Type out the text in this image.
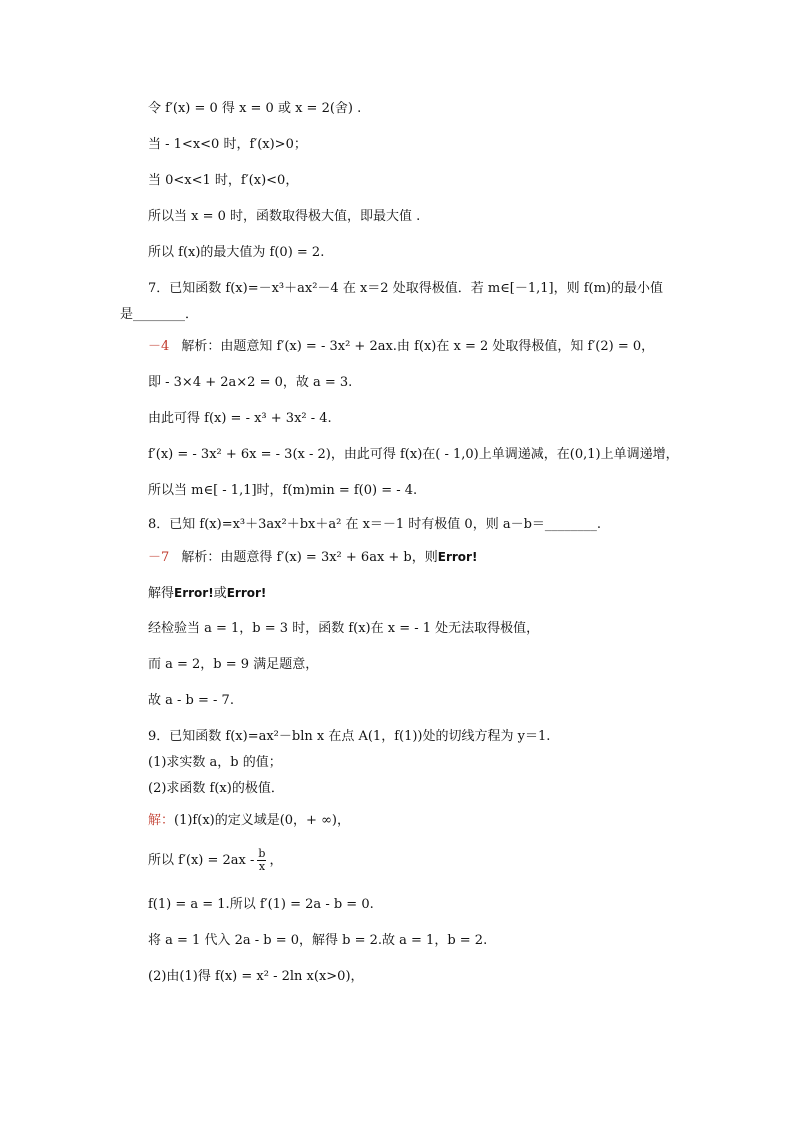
令 f′(x) = 0 得 x = 0 或 x = 2(舍) .
当 - 1<x<0 时，f′(x)>0；
当 0<x<1 时，f′(x)<0，
所以当 x = 0 时，函数取得极大值，即最大值 .
所以 f(x)的最大值为 f(0) = 2.
7．已知函数 f(x)=－x³＋ax²－4 在 x＝2 处取得极值．若 m∈[－1,1]，则 f(m)的最小值
是________．
－4 解析：由题意知 f′(x) = - 3x² + 2ax.由 f(x)在 x = 2 处取得极值，知 f′(2) = 0，
即 - 3×4 + 2a×2 = 0，故 a = 3.
由此可得 f(x) = - x³ + 3x² - 4.
f′(x) = - 3x² + 6x = - 3(x - 2)，由此可得 f(x)在( - 1,0)上单调递减，在(0,1)上单调递增，
所以当 m∈[ - 1,1]时，f(m)min = f(0) = - 4.
8．已知 f(x)=x³＋3ax²＋bx＋a² 在 x＝－1 时有极值 0，则 a－b＝________.
－7 解析：由题意得 f′(x) = 3x² + 6ax + b，则Error!
解得Error!或Error!
经检验当 a = 1，b = 3 时，函数 f(x)在 x = - 1 处无法取得极值，
而 a = 2，b = 9 满足题意，
故 a - b = - 7.
9．已知函数 f(x)=ax²－bln x 在点 A(1，f(1))处的切线方程为 y＝1.
(1)求实数 a，b 的值；
(2)求函数 f(x)的极值．
解：(1)f(x)的定义域是(0，+ ∞)，
所以 $f'(x) = 2ax - \frac{b}{x}$ ，
f(1) = a = 1.所以 f′(1) = 2a - b = 0.
将 a = 1 代入 2a - b = 0，解得 b = 2.故 a = 1，b = 2.
(2)由(1)得 f(x) = x² - 2ln x(x>0)，
